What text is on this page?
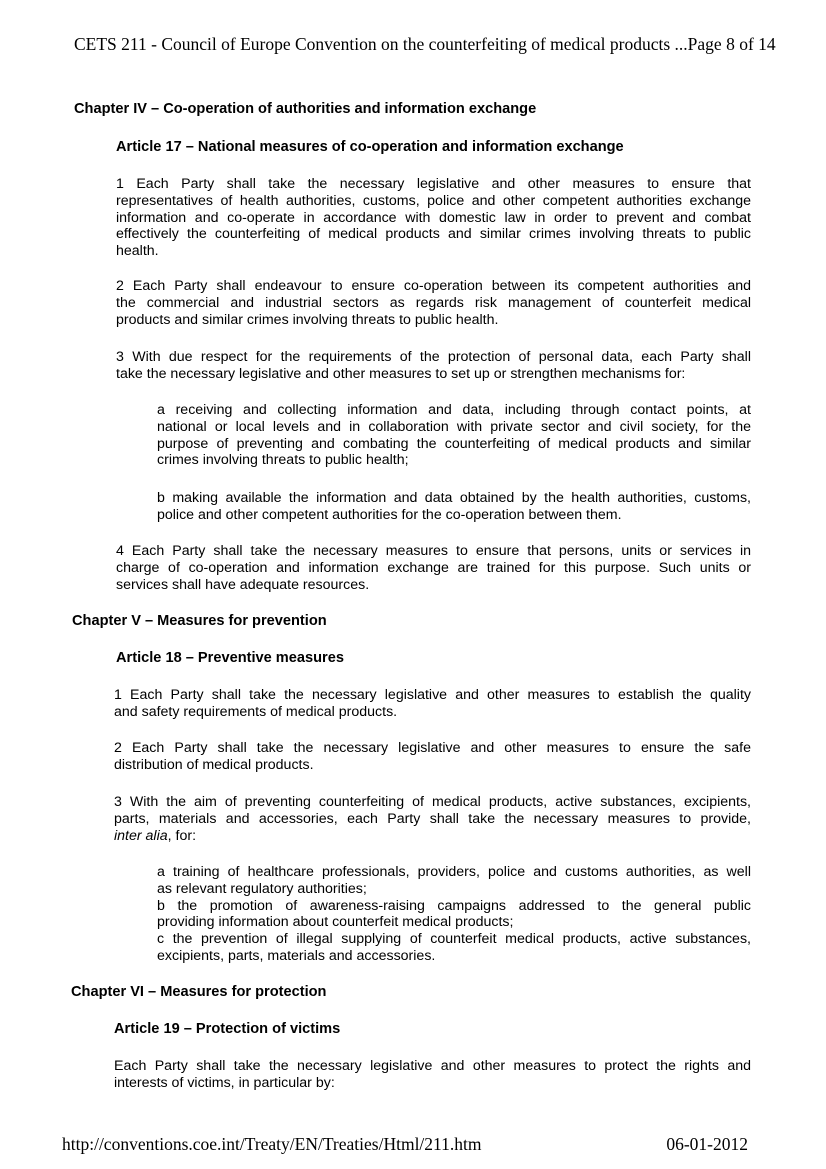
CETS 211 - Council of Europe Convention on the counterfeiting of medical products ... Page 8 of 14
Chapter IV – Co-operation of authorities and information exchange
Article 17 – National measures of co-operation and information exchange
1 Each Party shall take the necessary legislative and other measures to ensure that
representatives of health authorities, customs, police and other competent authorities exchange
information and co-operate in accordance with domestic law in order to prevent and combat
effectively the counterfeiting of medical products and similar crimes involving threats to public
health.
2 Each Party shall endeavour to ensure co-operation between its competent authorities and
the commercial and industrial sectors as regards risk management of counterfeit medical
products and similar crimes involving threats to public health.
3 With due respect for the requirements of the protection of personal data, each Party shall
take the necessary legislative and other measures to set up or strengthen mechanisms for:
a receiving and collecting information and data, including through contact points, at
national or local levels and in collaboration with private sector and civil society, for the
purpose of preventing and combating the counterfeiting of medical products and similar
crimes involving threats to public health;
b making available the information and data obtained by the health authorities, customs,
police and other competent authorities for the co-operation between them.
4 Each Party shall take the necessary measures to ensure that persons, units or services in
charge of co-operation and information exchange are trained for this purpose. Such units or
services shall have adequate resources.
Chapter V – Measures for prevention
Article 18 – Preventive measures
1 Each Party shall take the necessary legislative and other measures to establish the quality
and safety requirements of medical products.
2 Each Party shall take the necessary legislative and other measures to ensure the safe
distribution of medical products.
3 With the aim of preventing counterfeiting of medical products, active substances, excipients,
parts, materials and accessories, each Party shall take the necessary measures to provide,
inter alia, for:
a training of healthcare professionals, providers, police and customs authorities, as well
as relevant regulatory authorities;
b the promotion of awareness-raising campaigns addressed to the general public
providing information about counterfeit medical products;
c the prevention of illegal supplying of counterfeit medical products, active substances,
excipients, parts, materials and accessories.
Chapter VI – Measures for protection
Article 19 – Protection of victims
Each Party shall take the necessary legislative and other measures to protect the rights and
interests of victims, in particular by:
http://conventions.coe.int/Treaty/EN/Treaties/Html/211.htm	06-01-2012
